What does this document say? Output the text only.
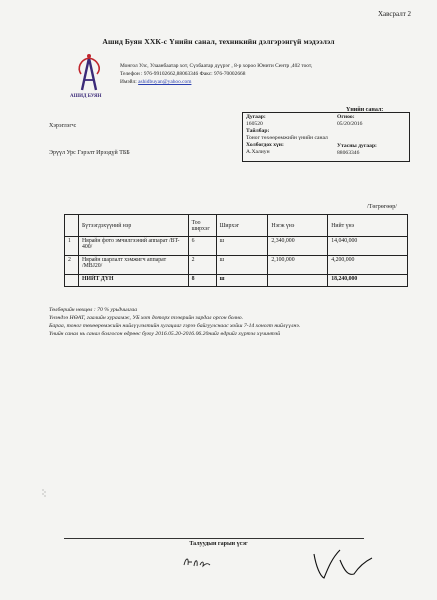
Хавсралт 2
Ашид Буян ХХК-с Үнийн санал, техникийн дэлгэрэнгүй мэдээлэл
АШИД БУЯН
Монгол Улс, Улаанбаатар хот, Сүхбаатар дүүрэг , 8-р хороо Юнити Сентр ,402 тоот,
Телефон : 976-99102662,88063346 Факс: 976-70002668
Имэйл: ashidbuyan@yahoo.com
Үнийн санал:
Дугаар:	Огноо:
160520	05/20/2016
Тайлбар:
Тоног төхөөрөмжийн үнийн санал
Холбогдох хүн:	Утасны дугаар:
А.Халиун	88063346
Хэрэглэгч:
Эрүүл Урс Гэрэлт Ирээдүй ТББ
/Төгрөгөөр/
	Бүтээгдэхүүний нэр	Тоо ширхэг	Ширхэг	Нэгж үнэ	Нийт үнэ
1	Нярайн фото эмчилгээний аппарат /BT-400/	6	ш	2,340,000	14,040,000
2	Нярайн шарлалт хэмжигч аппарат /MBJ20/	2	ш	2,100,000	4,200,000
	НИЙТ ДҮН	8	ш		18,240,000
Төлбөрийн нөхцөл : 70 % урьдчилгаа
Үнэндээ НӨАТ, гаалийн хураамж, УБ хот доторх тээврийн зардал орсон болно.
Бараа, тоног төхөөрөмжийн нийлүүлэлтийн хугацааг гэрээ байгуулснаас хойш 7-14 хоногт нийлүүлнэ.
Үнийн санал нь санал болгосон өдрөөс буюу 2016.05.20-2016.06.20нийг өдрийг хүртэл хүчинтэй
Талуудын гарын үсэг
